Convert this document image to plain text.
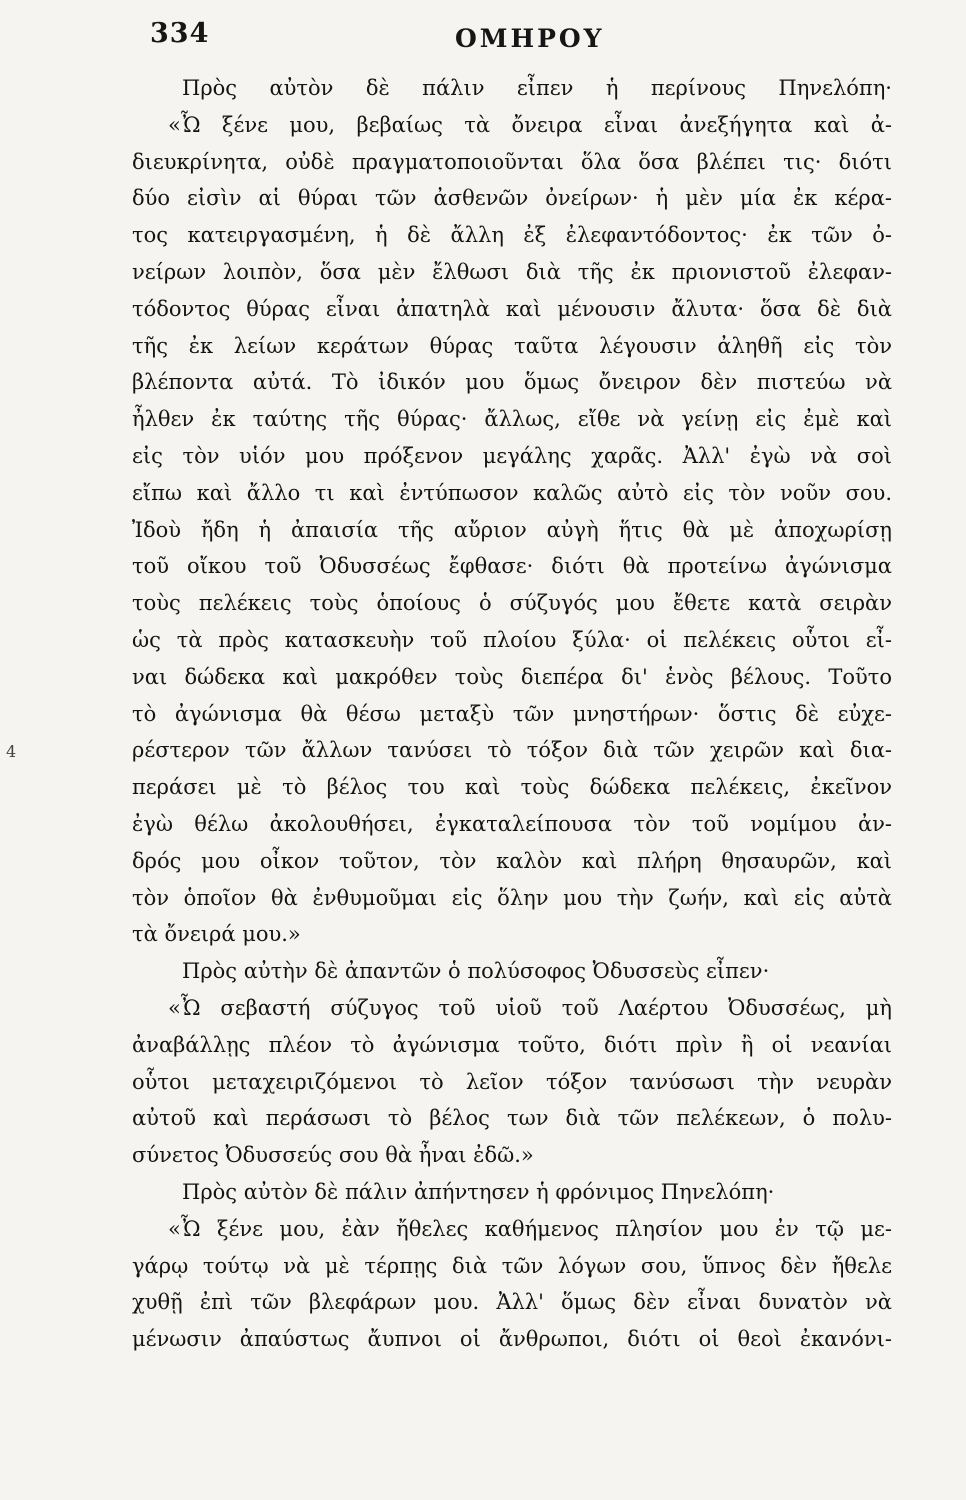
334	ΟΜΗΡΟΥ
4
Πρὸς αὐτὸν δὲ πάλιν εἶπεν ἡ περίνους Πηνελόπη·
«Ὦ ξένε μου, βεβαίως τὰ ὄνειρα εἶναι ἀνεξήγητα καὶ ἀ-
διευκρίνητα, οὐδὲ πραγματοποιοῦνται ὅλα ὅσα βλέπει τις· διότι
δύο εἰσὶν αἱ θύραι τῶν ἀσθενῶν ὀνείρων· ἡ μὲν μία ἐκ κέρα-
τος κατειργασμένη, ἡ δὲ ἄλλη ἐξ ἐλεφαντόδοντος· ἐκ τῶν ὀ-
νείρων λοιπὸν, ὅσα μὲν ἔλθωσι διὰ τῆς ἐκ πριονιστοῦ ἐλεφαν-
τόδοντος θύρας εἶναι ἀπατηλὰ καὶ μένουσιν ἄλυτα· ὅσα δὲ διὰ
τῆς ἐκ λείων κεράτων θύρας ταῦτα λέγουσιν ἀληθῆ εἰς τὸν
βλέποντα αὐτά. Τὸ ἰδικόν μου ὅμως ὄνειρον δὲν πιστεύω νὰ
ἦλθεν ἐκ ταύτης τῆς θύρας· ἄλλως, εἴθε νὰ γείνῃ εἰς ἐμὲ καὶ
εἰς τὸν υἱόν μου πρόξενον μεγάλης χαρᾶς. Ἀλλ' ἐγὼ νὰ σοὶ
εἴπω καὶ ἄλλο τι καὶ ἐντύπωσον καλῶς αὐτὸ εἰς τὸν νοῦν σου.
Ἰδοὺ ἤδη ἡ ἀπαισία τῆς αὔριον αὐγὴ ἥτις θὰ μὲ ἀποχωρίσῃ
τοῦ οἴκου τοῦ Ὀδυσσέως ἔφθασε· διότι θὰ προτείνω ἀγώνισμα
τοὺς πελέκεις τοὺς ὁποίους ὁ σύζυγός μου ἔθετε κατὰ σειρὰν
ὡς τὰ πρὸς κατασκευὴν τοῦ πλοίου ξύλα· οἱ πελέκεις οὗτοι εἶ-
ναι δώδεκα καὶ μακρόθεν τοὺς διεπέρα δι' ἑνὸς βέλους. Τοῦτο
τὸ ἀγώνισμα θὰ θέσω μεταξὺ τῶν μνηστήρων· ὅστις δὲ εὐχε-
ρέστερον τῶν ἄλλων τανύσει τὸ τόξον διὰ τῶν χειρῶν καὶ δια-
περάσει μὲ τὸ βέλος του καὶ τοὺς δώδεκα πελέκεις, ἐκεῖνον
ἐγὼ θέλω ἀκολουθήσει, ἐγκαταλείπουσα τὸν τοῦ νομίμου ἀν-
δρός μου οἶκον τοῦτον, τὸν καλὸν καὶ πλήρη θησαυρῶν, καὶ
τὸν ὁποῖον θὰ ἐνθυμοῦμαι εἰς ὅλην μου τὴν ζωήν, καὶ εἰς αὐτὰ
τὰ ὄνειρά μου.»
Πρὸς αὐτὴν δὲ ἀπαντῶν ὁ πολύσοφος Ὀδυσσεὺς εἶπεν·
«Ὦ σεβαστή σύζυγος τοῦ υἱοῦ τοῦ Λαέρτου Ὀδυσσέως, μὴ
ἀναβάλλῃς πλέον τὸ ἀγώνισμα τοῦτο, διότι πρὶν ἢ οἱ νεανίαι
οὗτοι μεταχειριζόμενοι τὸ λεῖον τόξον τανύσωσι τὴν νευρὰν
αὐτοῦ καὶ περάσωσι τὸ βέλος των διὰ τῶν πελέκεων, ὁ πολυ-
σύνετος Ὀδυσσεύς σου θὰ ἦναι ἐδῶ.»
Πρὸς αὐτὸν δὲ πάλιν ἀπήντησεν ἡ φρόνιμος Πηνελόπη·
«Ὦ ξένε μου, ἐὰν ἤθελες καθήμενος πλησίον μου ἐν τῷ με-
γάρῳ τούτῳ νὰ μὲ τέρπῃς διὰ τῶν λόγων σου, ὕπνος δὲν ἤθελε
χυθῇ ἐπὶ τῶν βλεφάρων μου. Ἀλλ' ὅμως δὲν εἶναι δυνατὸν νὰ
μένωσιν ἀπαύστως ἄυπνοι οἱ ἄνθρωποι, διότι οἱ θεοὶ ἐκανόνι-
